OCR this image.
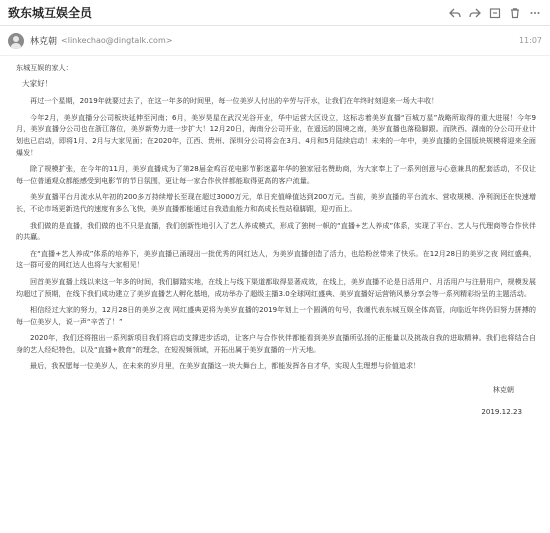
致东城互娱全员
林克朝 <linkechao@dingtalk.com>	11:07

东城互娱的家人：

大家好！

再过一个星期，2019年就要过去了，在这一年多的时间里，每一位美岁人付出的辛劳与汗水，让我们在年终时刻迎来一场大丰收！

今年2月，美岁直播分公司板块延伸至河南；6月，美岁昊星在武汉光谷开业，华中运营大区设立，这标志着美岁直播“百城万星”战略所取得的重大进展！今年9月，美岁直播分公司也在浙江落位，美岁新势力进一步扩大！12月20日，海南分公司开业，在遥远的国境之南，美岁直播也落稳脚跟。而陕西、湖南的分公司开业计划也已启动，即将1月、2月与大家见面；在2020年，江西、贵州、深圳分公司将会在3月、4月和5月陆续启动！未来的一年中，美岁直播的全国版块规模将迎来全面爆发！

除了规模扩张，在今年的11月，美岁直播成为了第28届金鸡百花电影节影迷嘉年华的独家冠名赞助商，为大家奉上了一系列创意与心意兼具的配套活动，不仅让每一位普通观众都能感受到电影节的节日氛围，更让每一家合作伙伴都能取得更高的客户流量。

美岁直播平台月流水从年初的200多万持续增长至现在超过3000万元，单日充值峰值达到200万元。当前，美岁直播的平台流水、营收规模、净利润还在快速增长，不论市场更新迭代的速度有多么飞快，美岁直播都能通过自我造血能力和高成长性站稳脚跟，迎刃而上。

我们做的是直播，我们做的也不只是直播，我们创新性地引入了艺人养成模式，形成了独树一帜的“直播+艺人养成”体系，实现了平台、艺人与代理商等合作伙伴的共赢。

在“直播+艺人养成”体系的培养下，美岁直播已涌现出一批优秀的网红达人，为美岁直播创造了活力，也给粉丝带来了快乐。在12月28日的美岁之夜 网红盛典，这一群可爱的网红达人也将与大家相见！

回首美岁直播上线以来这一年多的时间，我们脚踏实地，在线上与线下渠道都取得显著成效，在线上，美岁直播不论是日活用户、月活用户与注册用户，规模发展均超过了预期，在线下我们成功建立了美岁直播艺人孵化基地，成功举办了超级主播3.0全球网红盛典、美岁直播好运营销风暴分享会等一系列精彩纷呈的主题活动。

相信经过大家的努力，12月28日的美岁之夜 网红盛典更将为美岁直播的2019年划上一个圆满的句号，我谨代表东城互娱全体高管，向临近年终仍旧努力拼搏的每一位美岁人，说一声“辛苦了！”

2020年，我们还将推出一系列新项目我们将启动支撑进步活动，让客户与合作伙伴都能看到美岁直播所弘扬的正能量以及挑战自我的进取精神。我们也将结合自身的艺人经纪特色，以及“直播+教育”的理念，在短视频领域，开拓出属于美岁直播的一片天地。

最后，我祝愿每一位美岁人，在未来的岁月里，在美岁直播这一块大舞台上，都能发挥各自才华，实现人生理想与价值追求！

林克朝

2019.12.23
